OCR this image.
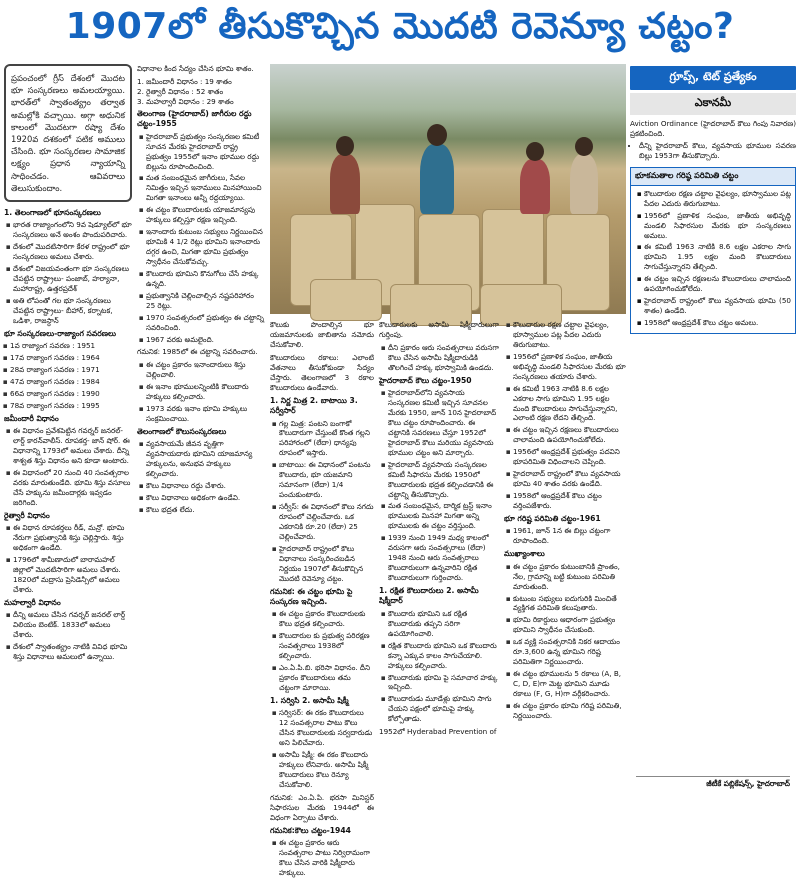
1907లో తీసుకొచ్చిన మొదటి రెవెన్యూ చట్టం?

ప్రపంచంలో గ్రీస్ దేశంలో మొదట భూ సంస్కరణలు అమలయ్యాయి. భారత్‌లో స్వాతంత్య్రం తర్వాత అమల్లోకి వచ్చాయి. అగ్గా అధునిక కాలంలో మొదటగా రష్యా దేశం 1920వ దశకంలో పటిక అములు చేసింది. భూ సంస్కరణల సామాజిక లక్ష్యం ప్రధాన న్యాయాన్ని సాధించడం. ఆవివరాలు తెలుసుకుందాం.

1. తెలంగాణలో భూసంస్కరణలు
• భారత రాజ్యాంగంలోని 9వ షెడ్యూల్‌లో భూ సంస్కరణలు అనే అంశం పొందుపరిచారు.
• దేశంలో మొదటిసారిగా కేరళ రాష్ట్రంలో భూ సంస్కరణలు అమలు చేశారు.
• దేశంలో విజయవంతంగా భూ సంస్కరణలు చేపట్టిన రాష్ట్రాలు- పంజాబ్, హర్యానా, మహారాష్ట్ర, ఉత్తరప్రదేశ్
• అతి లోపంతో గల భూ సంస్కరణలు చేపట్టిన రాష్ట్రాలు- బీహార్, కర్నాటక, ఒడిశా, రాజస్థాన్
భూ సంస్కరణలు-రాజ్యాంగ సవరణలు
• 1వ రాజ్యాంగ సవరణ : 1951
• 17వ రాజ్యాంగ సవరణ : 1964
• 28వ రాజ్యాంగ సవరణ : 1971
• 47వ రాజ్యాంగ సవరణ : 1984
• 66వ రాజ్యాంగ సవరణ : 1990
• 78వ రాజ్యాంగ సవరణ : 1995
జమీందారీ విధానం
• ఈ విధానం ప్రవేశపెట్టిన గవర్నర్ జనరల్- లార్డ్ కారన్‌వాలీస్. రూపకర్త- జాన్ షోర్. ఈ విధానాన్ని 1793లో అమలు చేశారు. దీన్ని శాశ్వత శిస్తు విధానం అని కూడా అంటారు.
• ఈ విధానంలో 20 నుంచి 40 సంవత్సరాల వరకు మారుతుండేది. భూమి శిస్తు వసూలు చేసే హక్కును జమీందార్లకు ఇవ్వడం జరిగింది.
రైత్వారీ విధానం
• ఈ విధాన రూపకర్తలు రీడ్, మన్రో. భూమి నేరుగా ప్రభుత్వానికి శిస్తు చెల్లిస్తారు. శిస్తు అధికంగా ఉండేది.
• 1796లో శామీణాదులో బారామహల్ జిల్లాలో మొదటిసారిగా అమలు చేశారు. 1820లో మద్రాసు ప్రెసిడెన్సీలో అమలు చేశారు.
మహల్వారీ విధానం
• దీన్ని అమలు చేసిన గవర్నర్ జనరల్ లార్డ్ విలియం బెంటిక్. 1833లో అమలు చేశారు.
• దేశంలో స్వాతంత్య్రం నాటికి వివిధ భూమి శిస్తు విధానాలు అమలులో ఉన్నాయి.

విధానాల కింద సేద్యం చేసిన భూమి శాతం.

1. జమీందారీ విధానం : 19 శాతం
2. రైత్వారీ విధానం : 52 శాతం
3. మహల్వారీ విధానం : 29 శాతం
తెలంగాణ (హైదరాబాద్) జాగీరుల రద్దు చట్టం-1955
• హైదరాబాద్ ప్రభుత్వం సంస్కరణల కమిటీ సూచన మేరకు హైదరాబాద్ రాష్ట్ర ప్రభుత్వం 1955లో ఇనాం భూముల రద్దు బిల్లును రూపొందించింది.
• మత సంబంధమైన జాగీరులు, సేవల నిమిత్తం ఇచ్చిన ఇనాములు మినహాయించి మిగతా ఇనాంలు అన్నీ రద్దయ్యాయి.
• ఈ చట్టం కౌలుదారులకు యాజమాన్యపు హక్కులు కల్పిస్తూ రక్షణ ఇచ్చింది.
• ఇనాందారు కుటుంబ సభ్యులు నిర్ణయించిన భూమికి 4 1/2 రెట్లు భూమిని ఇనాందారు దగ్గర ఉంచి, మిగతా భూమి ప్రభుత్వం స్వాధీనం చేసుకోవచ్చు.
• కౌలుదారు భూమిని కొనుగోలు చేసే హక్కు ఉన్నది.
• ప్రభుత్వానికి చెల్లించాల్సిన నష్టపరిహారం 25 రెట్లు.
• 1970 సంవత్సరంలో ప్రభుత్వం ఈ చట్టాన్ని సవరించింది.
• 1967 వరకు అమలైంది.

గమనిక: 1985లో ఈ చట్టాన్ని సవరించారు.

• ఈ చట్టం ప్రకారం ఇనాందారులు శిస్తు చెల్లించాలి.
• ఈ ఇనాం భూములన్నింటికి కౌలుదారు హక్కులు కల్పించారు.
• 1973 వరకు ఇనాం భూమి హక్కులు సంక్రమించాయి.
తెలంగాణలో కౌలుసంస్కరణలు
• వ్యవసాయమే జీవన వృత్తిగా వ్యవసాయదారు భూమిని యాజమాన్య హక్కులను, అనుభవ హక్కులు కల్పించారు.
• కౌలు విధానాలు రద్దు చేశారు.
• కౌలు విధానాలు అధికంగా ఉండేవి.
• కౌలు భద్రత లేదు.

కౌలుకు పొందాల్సిన భూ యజమానులకు జాబితాను నమోదు చేసుకోవాలి.

కౌలుదారులు రకాలు: ఎలాంటి వేతనాలు తీసుకోకుండా సేద్యం చేస్తారు. తెలంగాణలో 3 రకాల కౌలుదారులు ఉండేవారు.

1. నిర్ణ మిత్ర 2. బాటాయి 3. సర్వీసార్
• గల్ల మిత్ర: పంటని బంగాకో కౌలుదారుగా చేస్తుంటే కొంత గల్లని పరిహారంలో (లేదా) ధాన్యపు రూపంలో ఇస్తారు.
• బాటాయి: ఈ విధానంలో పంటను కౌలుదారు, భూ యజమాని సమానంగా (లేదా) 1/4 పంచుకుంటారు.
• సర్వీస్: ఈ విధానంలో కౌలు నగదు రూపంలో చెల్లించేవారు. ఒక ఎకరానికి రూ.20 (లేదా) 25 చెల్లించేవారు.
• హైదరాబాద్ రాష్ట్రంలో కౌలు విధానాలు సంస్కరించబడిన నిర్ణయం 1907లో తీసుకొచ్చిన మొదటి రెవెన్యూ చట్టం.
గమనిక: ఈ చట్టం భూమి పై సంస్కరణ ఇచ్చింది.
• ఈ చట్టం ప్రకారం కౌలుదారులకు కౌలు భద్రత కల్పించారు.
• కౌలుదారుల కు ప్రభుత్వ పరిరక్షణ సంవత్సరాలు 1938లో కల్పించారు.
• ఎం.ఏ.పి.బి. భరిసా విధానం. దీని ప్రకారం కౌలుదారులు తమ చట్టంగా మారాయి.
1. సర్విసి 2. అసామీ షిక్మీ
• సర్విసర్: ఈ రకం కౌలుదారులు 12 సంవత్సరాల పాటు కౌలు చేసిన కౌలుదారులకు సర్వదారుడు అని పిలిచేవారు.
• అసామీ షిక్మీ: ఈ రకం కౌలుదారు హక్కులు లేనివారు. అసామీ షిక్మీ కౌలుదారులు కౌలు రెన్యూ చేసుకోవాలి.

గమనిక: ఎం.ఏ.పి. భరసా మినిస్టర్ సిఫారసుల మేరకు 1944లో ఈ విధంగా ఏర్పాటు చేశారు.

గమనిక:కౌలు చట్టం-1944
• ఈ చట్టం ప్రకారం ఆరు సంవత్సరాల పాటు నిర్విరామంగా కౌలు చేసిన వారికి షిక్మీదారు హక్కులు.

కౌలుదారులకు అసామీ షిక్మీదారులుగా గుర్తింపు.

• దీని ప్రకారం ఆరు సంవత్సరాలు వరుసగా కౌలు చేసిన అసామీ షిక్మీదారుడికి తొలగించే హక్కు భూస్వామికి ఉండదు.
హైదరాబాద్ కౌలు చట్టం-1950
• హైదరాబాద్‌లోని వ్యవసాయ సంస్కరణల కమిటీ ఇచ్చిన సూచనల మేరకు 1950, జూన్ 10న హైదరాబాద్ కౌలు చట్టం రూపొందించారు. ఈ చట్టానికి సవరణలు చేస్తూ 1952లో హైదరాబాద్ కౌలు మరియు వ్యవసాయ భూముల చట్టం అని మార్చారు.
• హైదరాబాద్ వ్యవసాయ సంస్కరణల కమిటీ సిఫారసు మేరకు 1950లో కౌలుదారులకు భద్రత కల్పించడానికి ఈ చట్టాన్ని తీసుకొచ్చారు.
• మత సంబంధమైన, దార్మిక ట్రస్ట్ ఇనాం భూములకు మినహా మిగతా అన్ని భూములకు ఈ చట్టం వర్తిస్తుంది.
• 1939 నుంచి 1949 మధ్య కాలంలో వరుసగా ఆరు సంవత్సరాలు (లేదా) 1948 నుంచి ఆరు సంవత్సరాలు కౌలుదారులుగా ఉన్నవారిని రక్షిత కౌలుదారులుగా గుర్తించారు.
1. రక్షిత కౌలుదారులు 2. అసామీ షిక్మీదార్
• కౌలుదారు భూమిని ఒక రక్షిత కౌలుదారుకు తప్పని సరిగా ఉపయోగించాలి.
• రక్షిత కౌలుదారు భూమిని ఒక కౌలుదారు కన్నా ఎక్కువ కాలం సాగుచేయాలి. హక్కులు కల్పించారు.
• కౌలుదారుకు భూమి పై సమాచార హక్కు ఇచ్చింది.
• కౌలుదారుడు మూడేళ్లు భూమిని సాగు చేయని పక్షంలో భూమిపై హక్కు కోల్పోతాడు.

1952లో Hyderabad Prevention of

• కౌలుదారుల రక్షణ చట్టాల వైఫల్యం, భూస్వాముల పట్ల పేదల ఎదురు తిరుగుబాటు.
• 1956లో ప్రణాళిక సంఘం, జాతీయ అభివృద్ధి మండలి సిఫారసుల మేరకు భూ సంస్కరణలు తయారు చేశారు.
• ఈ కమిటీ 1963 నాటికి 8.6 లక్షల ఎకరాల సాగు భూమిని 1.95 లక్షల మంది కౌలుదారులు సాగుచేస్తున్నారని, ఎలాంటి రక్షణ లేదని తేల్చింది.
• ఈ చట్టం ఇచ్చిన రక్షణలు కౌలుదారులు చాలామంది ఉపయోగించుకోలేదు.
• 1956లో ఆంధ్రప్రదేశ్ ప్రభుత్వం పదవిని భూపరిమితి విధించాలని చెప్పింది.
• హైదరాబాద్ రాష్ట్రంలో కౌలు వ్యవసాయ భూమి 40 శాతం వరకు ఉండేది.
• 1958లో ఆంధ్రప్రదేశ్ కౌలు చట్టం వర్తింపజేశారు.
భూ గరిష్ట పరిమితి చట్టం-1961
• 1961, జూన్ 1న ఈ బిల్లు చట్టంగా రూపొందింది.
ముఖ్యాంశాలు
• ఈ చట్టం ప్రకారం కుటుంబానికి ప్రాంతం, నేల, గ్రామాన్ని బట్టి కుటుంబ పరిమితి మారుతుంది.
• కుటుంబ సభ్యులు ఐదుగురికి మించితే వ్యక్తిగత పరిమితి కలుపుతారు.
• భూమి రికార్డులు ఆధారంగా ప్రభుత్వం భూమిని స్వాధీనం చేసుకుంది.
• ఒక వ్యక్తి సంవత్సరానికి నికర ఆదాయం రూ.3,600 ఉన్న భూమిని గరిష్ట పరిమితిగా నిర్ణయించారు.
• ఈ చట్టం భూములను 5 రకాలు (A, B, C, D, E)గా మెట్ట భూమిని మూడు రకాలు (F, G, H)గా వర్గీకరించారు.
• ఈ చట్టం ప్రకారం భూమి గరిష్ట పరిమితి, నిర్ణయించారు.
గ్రూప్స్, టెట్ ప్రత్యేకం
ఎకానమీ

Aviction Ordinance (హైదరాబాద్ కౌలు గింపు నివారణ) ప్రకటించింది.

• దీన్ని హైదరాబాద్ కౌలు, వ్యవసాయ భూముల సవరణ బిల్లు 1953గా తీసుకొచ్చారు.
భూకమతాల గరిష్ఠ పరిమితి చట్టం
• కౌలుదారుల రక్షణ చట్టాల వైఫల్యం, భూస్వాముల పట్ల పేదల ఎదురు తిరుగుబాటు.
• 1956లో ప్రణాళిక సంఘం, జాతీయ అభివృద్ధి మండలి సిఫారసుల మేరకు భూ సంస్కరణలు అమలు.
• ఈ కమిటీ 1963 నాటికి 8.6 లక్షల ఎకరాల సాగు భూమిని 1.95 లక్షల మంది కౌలుదారులు సాగుచేస్తున్నారని తేల్చింది.
• ఈ చట్టం ఇచ్చిన రక్షణలను కౌలుదారులు చాలామంది ఉపయోగించుకోలేదు.
• హైదరాబాద్ రాష్ట్రంలో కౌలు వ్యవసాయ భూమి (50 శాతం) ఉండేది.
• 1958లో ఆంధ్రప్రదేశ్ కౌలు చట్టం అమలు.
జీటీకే పబ్లికేషన్స్, హైదరాబాద్
